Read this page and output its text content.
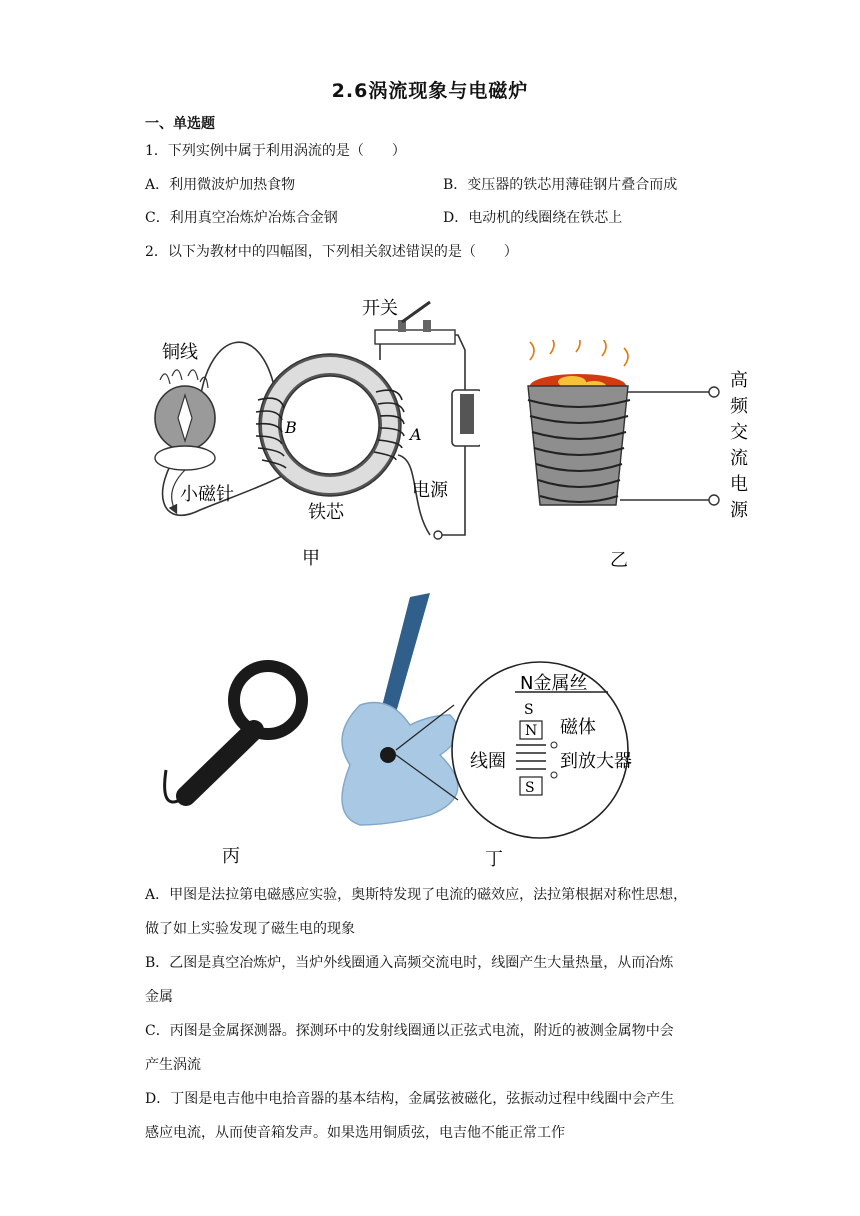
2.6涡流现象与电磁炉
一、单选题
1．下列实例中属于利用涡流的是（　　）
A．利用微波炉加热食物	B．变压器的铁芯用薄硅钢片叠合而成
C．利用真空冶炼炉冶炼合金钢	D．电动机的线圈绕在铁芯上
2．以下为教材中的四幅图，下列相关叙述错误的是（　　）
开关
铜线
小磁针
铁芯
电源
B	A
甲
高
频
交
流
电
源
乙
丙
N金属丝
S
N
S
磁体
线圈	到放大器
丁
A．甲图是法拉第电磁感应实验，奥斯特发现了电流的磁效应，法拉第根据对称性思想，
做了如上实验发现了磁生电的现象
B．乙图是真空冶炼炉，当炉外线圈通入高频交流电时，线圈产生大量热量，从而冶炼
金属
C．丙图是金属探测器。探测环中的发射线圈通以正弦式电流，附近的被测金属物中会
产生涡流
D．丁图是电吉他中电拾音器的基本结构，金属弦被磁化，弦振动过程中线圈中会产生
感应电流，从而使音箱发声。如果选用铜质弦，电吉他不能正常工作
